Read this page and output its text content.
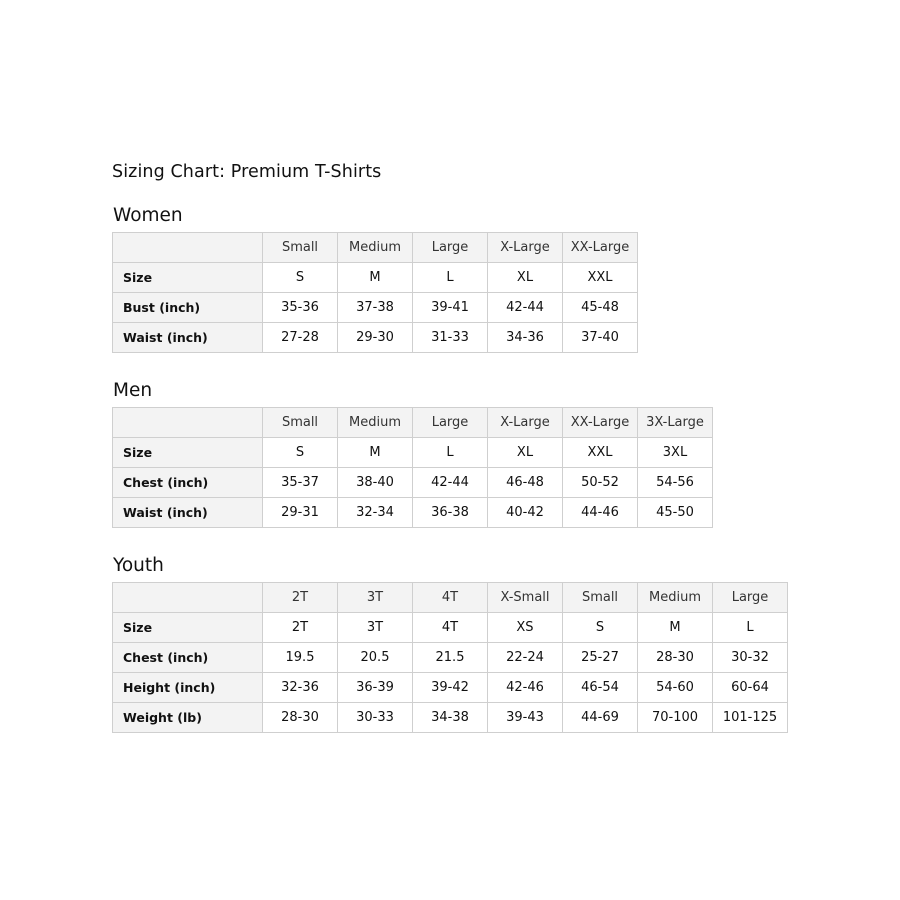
Sizing Chart: Premium T-Shirts
Women
	Small	Medium	Large	X-Large	XX-Large
Size	S	M	L	XL	XXL
Bust (inch)	35-36	37-38	39-41	42-44	45-48
Waist (inch)	27-28	29-30	31-33	34-36	37-40
Men
	Small	Medium	Large	X-Large	XX-Large	3X-Large
Size	S	M	L	XL	XXL	3XL
Chest (inch)	35-37	38-40	42-44	46-48	50-52	54-56
Waist (inch)	29-31	32-34	36-38	40-42	44-46	45-50
Youth
	2T	3T	4T	X-Small	Small	Medium	Large
Size	2T	3T	4T	XS	S	M	L
Chest (inch)	19.5	20.5	21.5	22-24	25-27	28-30	30-32
Height (inch)	32-36	36-39	39-42	42-46	46-54	54-60	60-64
Weight (lb)	28-30	30-33	34-38	39-43	44-69	70-100	101-125
